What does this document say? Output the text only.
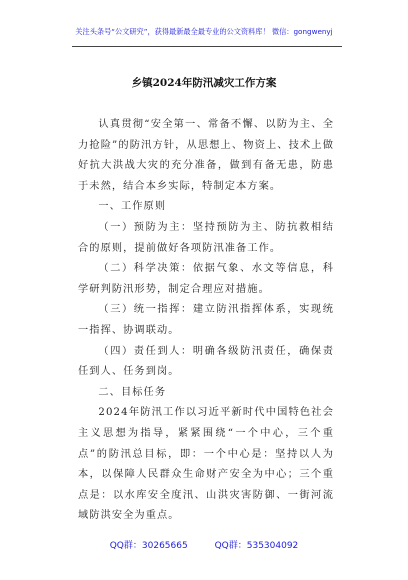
关注头条号“公文研究”，获得最新最全最专业的公文资料库！ 微信：gongwenyj
乡镇2024年防汛减灾工作方案

认真贯彻“安全第一、常备不懈、以防为主、全力抢险”的防汛方针，从思想上、物资上、技术上做好抗大洪战大灾的充分准备，做到有备无患，防患于未然，结合本乡实际，特制定本方案。

一、工作原则

（一）预防为主：坚持预防为主、防抗救相结合的原则，提前做好各项防汛准备工作。

（二）科学决策：依据气象、水文等信息，科学研判防汛形势，制定合理应对措施。

（三）统一指挥：建立防汛指挥体系，实现统一指挥、协调联动。

（四）责任到人：明确各级防汛责任，确保责任到人、任务到岗。

二、目标任务

2024年防汛工作以习近平新时代中国特色社会主义思想为指导，紧紧围绕“一个中心，三个重点”的防汛总目标，即：一个中心是：坚持以人为本，以保障人民群众生命财产安全为中心；三个重点是：以水库安全度汛、山洪灾害防御、一街河流域防洪安全为重点。

QQ群：30265665	QQ群：535304092
